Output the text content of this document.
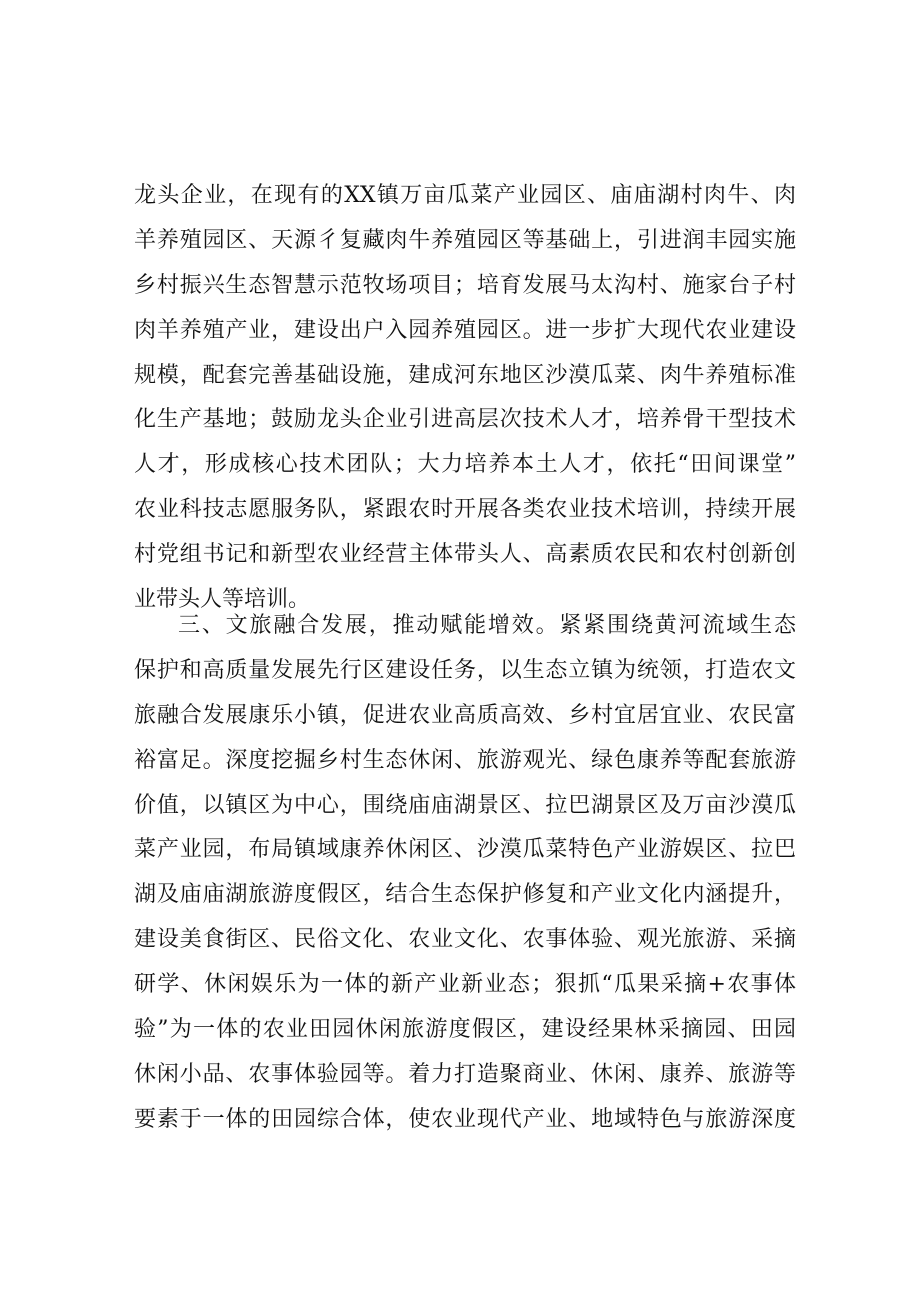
龙头企业，在现有的XX镇万亩瓜菜产业园区、庙庙湖村肉牛、肉
羊养殖园区、天源彳复藏肉牛养殖园区等基础上，引进润丰园实施
乡村振兴生态智慧示范牧场项目；培育发展马太沟村、施家台子村
肉羊养殖产业，建设出户入园养殖园区。进一步扩大现代农业建设
规模，配套完善基础设施，建成河东地区沙漠瓜菜、肉牛养殖标准
化生产基地；鼓励龙头企业引进高层次技术人才，培养骨干型技术
人才，形成核心技术团队；大力培养本土人才，依托“田间课堂”
农业科技志愿服务队，紧跟农时开展各类农业技术培训，持续开展
村党组书记和新型农业经营主体带头人、高素质农民和农村创新创
业带头人等培训。
三、文旅融合发展，推动赋能增效。紧紧围绕黄河流域生态
保护和高质量发展先行区建设任务，以生态立镇为统领，打造农文
旅融合发展康乐小镇，促进农业高质高效、乡村宜居宜业、农民富
裕富足。深度挖掘乡村生态休闲、旅游观光、绿色康养等配套旅游
价值，以镇区为中心，围绕庙庙湖景区、拉巴湖景区及万亩沙漠瓜
菜产业园，布局镇域康养休闲区、沙漠瓜菜特色产业游娱区、拉巴
湖及庙庙湖旅游度假区，结合生态保护修复和产业文化内涵提升，
建设美食街区、民俗文化、农业文化、农事体验、观光旅游、采摘
研学、休闲娱乐为一体的新产业新业态；狠抓“瓜果采摘+农事体
验”为一体的农业田园休闲旅游度假区，建设经果林采摘园、田园
休闲小品、农事体验园等。着力打造聚商业、休闲、康养、旅游等
要素于一体的田园综合体，使农业现代产业、地域特色与旅游深度
